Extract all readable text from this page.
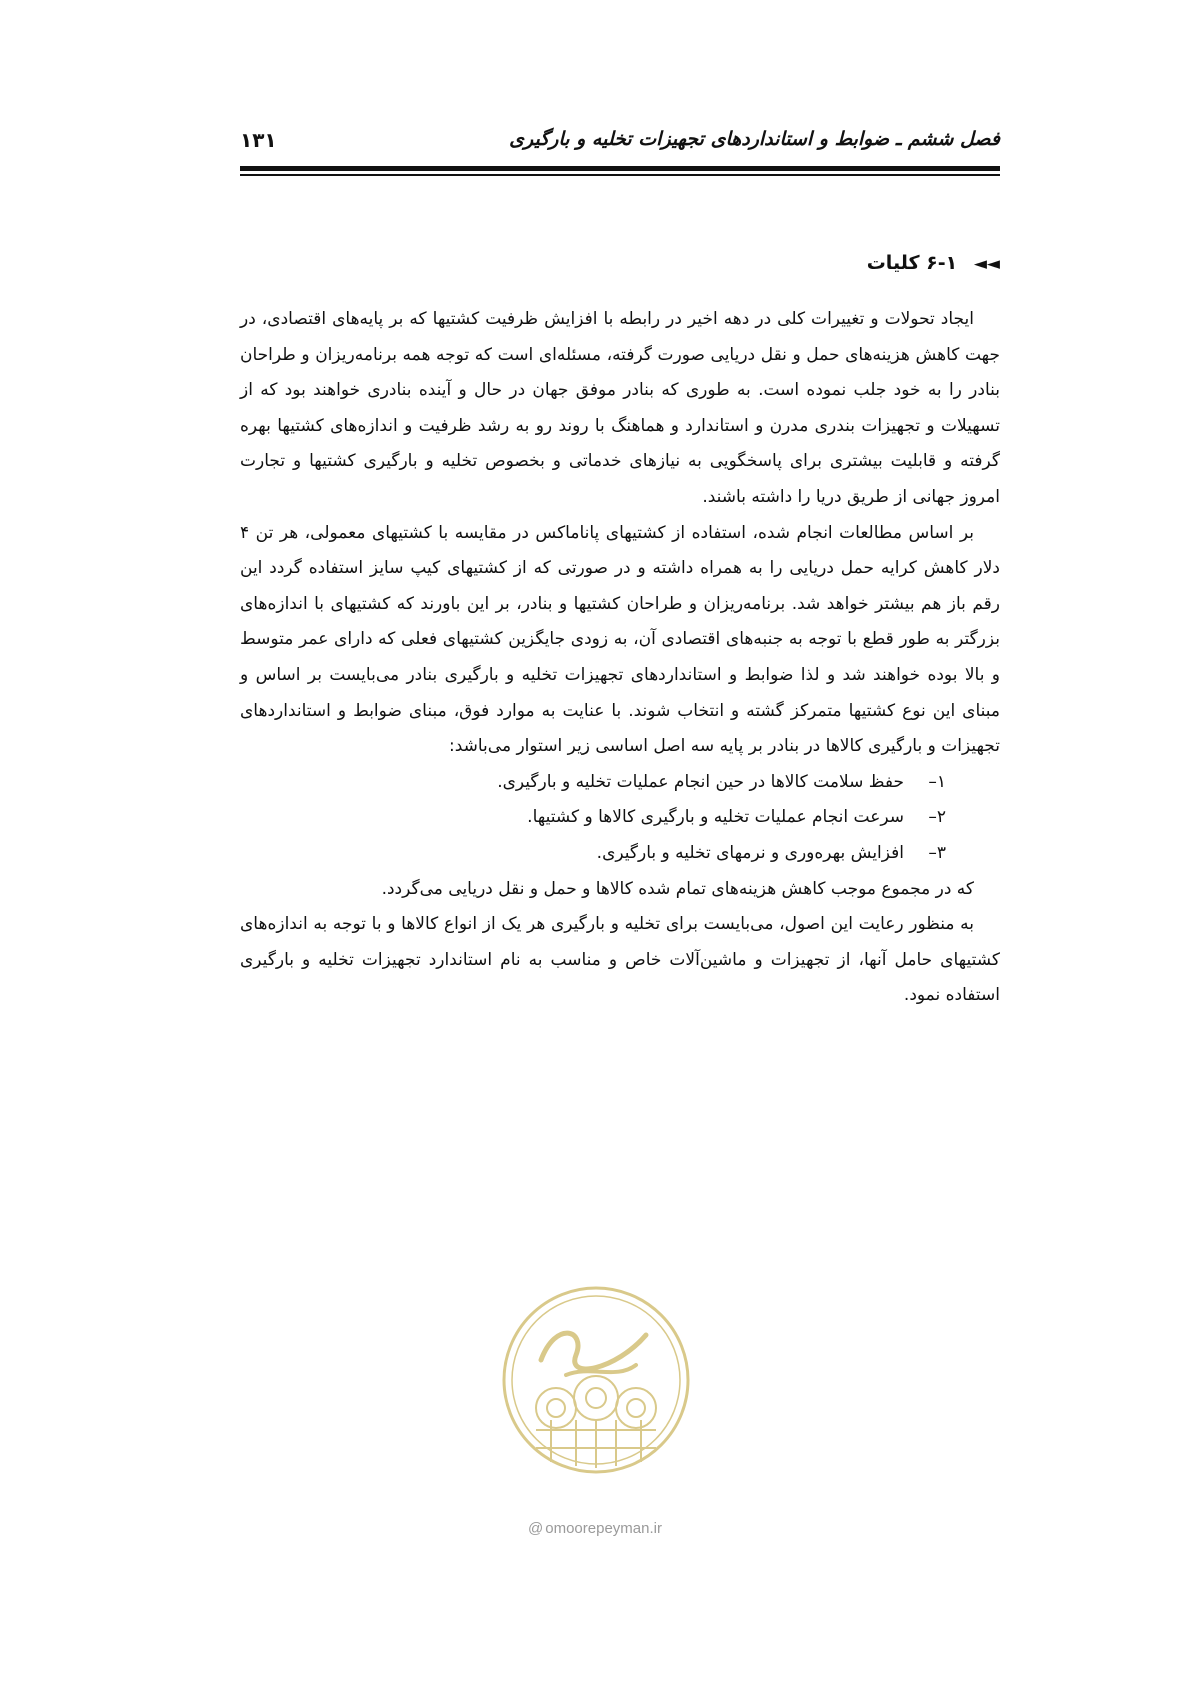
فصل ششم ـ ضوابط و استانداردهای تجهیزات تخلیه و بارگیری
۱۳۱
◄◄ ۶-۱ کلیات

ایجاد تحولات و تغییرات کلی در دهه اخیر در رابطه با افزایش ظرفیت کشتیها که بر پایه‌های اقتصادی، در جهت کاهش هزینه‌های حمل و نقل دریایی صورت گرفته، مسئله‌ای است که توجه همه برنامه‌ریزان و طراحان بنادر را به خود جلب نموده است. به طوری که بنادر موفق جهان در حال و آینده بنادری خواهند بود که از تسهیلات و تجهیزات بندری مدرن و استاندارد و هماهنگ با روند رو به رشد ظرفیت و اندازه‌های کشتیها بهره گرفته و قابلیت بیشتری برای پاسخگویی به نیازهای خدماتی و بخصوص تخلیه و بارگیری کشتیها و تجارت امروز جهانی از طریق دریا را داشته باشند.

بر اساس مطالعات انجام شده، استفاده از کشتیهای پاناماکس در مقایسه با کشتیهای معمولی، هر تن ۴ دلار کاهش کرایه حمل دریایی را به همراه داشته و در صورتی که از کشتیهای کیپ سایز استفاده گردد این رقم باز هم بیشتر خواهد شد. برنامه‌ریزان و طراحان کشتیها و بنادر، بر این باورند که کشتیهای با اندازه‌های بزرگتر به طور قطع با توجه به جنبه‌های اقتصادی آن، به زودی جایگزین کشتیهای فعلی که دارای عمر متوسط و بالا بوده خواهند شد و لذا ضوابط و استانداردهای تجهیزات تخلیه و بارگیری بنادر می‌بایست بر اساس و مبنای این نوع کشتیها متمرکز گشته و انتخاب شوند. با عنایت به موارد فوق، مبنای ضوابط و استانداردهای تجهیزات و بارگیری کالاها در بنادر بر پایه سه اصل اساسی زیر استوار می‌باشد:

۱–حفظ سلامت کالاها در حین انجام عملیات تخلیه و بارگیری.
۲–سرعت انجام عملیات تخلیه و بارگیری کالاها و کشتیها.
۳–افزایش بهره‌وری و نرمهای تخلیه و بارگیری.

که در مجموع موجب کاهش هزینه‌های تمام شده کالاها و حمل و نقل دریایی می‌گردد.

به منظور رعایت این اصول، می‌بایست برای تخلیه و بارگیری هر یک از انواع کالاها و با توجه به اندازه‌های کشتیهای حامل آنها، از تجهیزات و ماشین‌آلات خاص و مناسب به نام استاندارد تجهیزات تخلیه و بارگیری استفاده نمود.

@ omoorepeyman.ir
